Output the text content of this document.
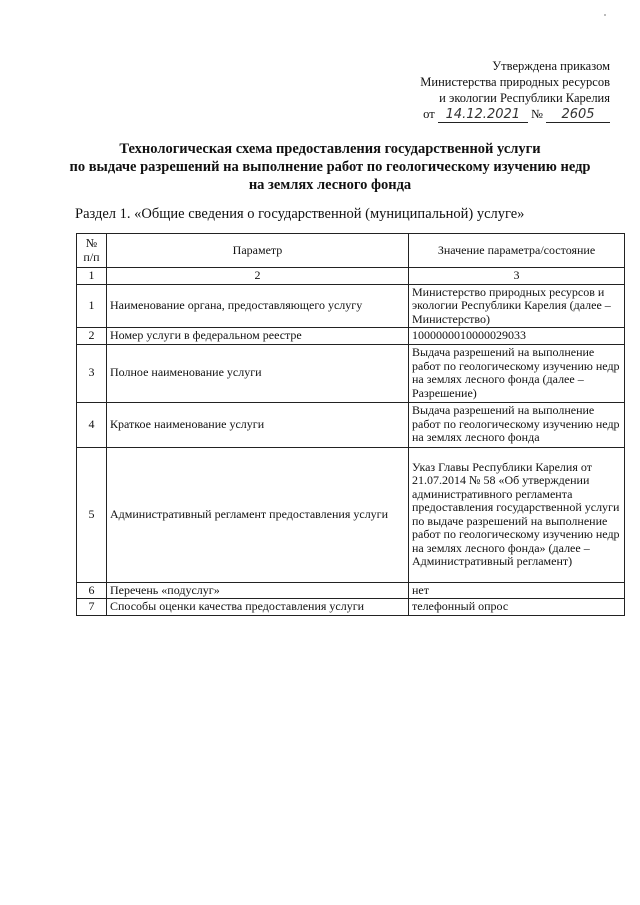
Утверждена приказом
Министерства природных ресурсов
и экологии Республики Карелия
от 14.12.2021 № 2605
Технологическая схема предоставления государственной услуги
по выдаче разрешений на выполнение работ по геологическому изучению недр
на землях лесного фонда
Раздел 1. «Общие сведения о государственной (муниципальной) услуге»
№ п/п	Параметр	Значение параметра/состояние
1	2	3
1	Наименование органа, предоставляющего услугу	Министерство природных ресурсов и экологии Республики Карелия (далее – Министерство)
2	Номер услуги в федеральном реестре	1000000010000029033
3	Полное наименование услуги	Выдача разрешений на выполнение работ по геологическому изучению недр на землях лесного фонда (далее – Разрешение)
4	Краткое наименование услуги	Выдача разрешений на выполнение работ по геологическому изучению недр на землях лесного фонда
5	Административный регламент предоставления услуги	Указ Главы Республики Карелия от 21.07.2014 № 58 «Об утверждении административного регламента предоставления государственной услуги по выдаче разрешений на выполнение работ по геологическому изучению недр на землях лесного фонда» (далее – Административный регламент)
6	Перечень «подуслуг»	нет
7	Способы оценки качества предоставления услуги	телефонный опрос
